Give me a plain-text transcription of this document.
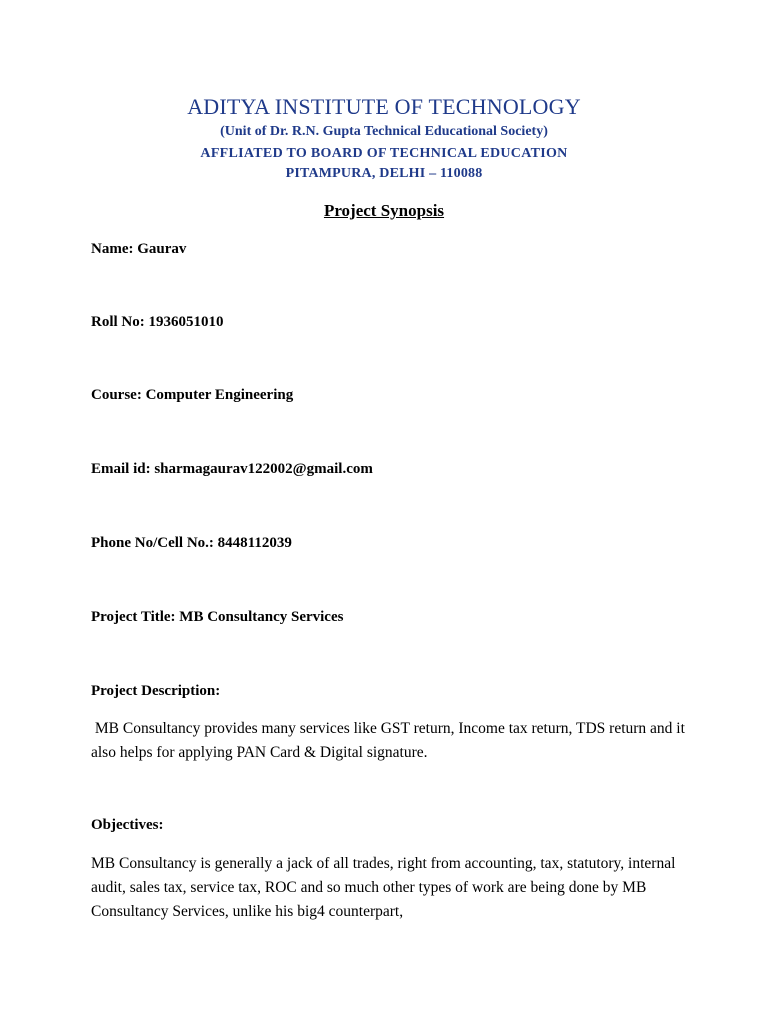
ADITYA INSTITUTE OF TECHNOLOGY
(Unit of Dr. R.N. Gupta Technical Educational Society)
AFFLIATED TO BOARD OF TECHNICAL EDUCATION
PITAMPURA, DELHI – 110088
Project Synopsis
Name: Gaurav
Roll No: 1936051010
Course: Computer Engineering
Email id: sharmagaurav122002@gmail.com
Phone No/Cell No.: 8448112039
Project Title: MB Consultancy Services
Project Description:
MB Consultancy provides many services like GST return, Income tax return, TDS return and it also helps for applying PAN Card & Digital signature.
Objectives:
MB Consultancy is generally a jack of all trades, right from accounting, tax, statutory, internal audit, sales tax, service tax, ROC and so much other types of work are being done by MB Consultancy Services, unlike his big4 counterpart,
